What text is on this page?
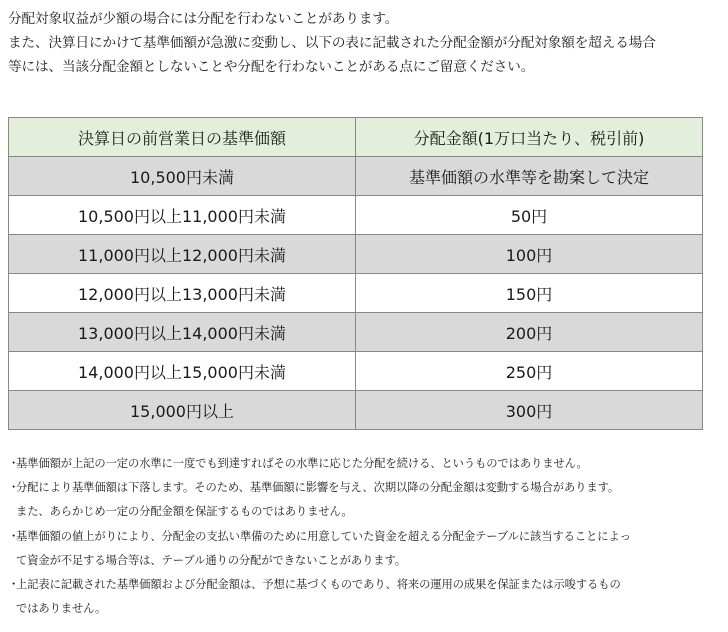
分配対象収益が少額の場合には分配を行わないことがあります。

また、決算日にかけて基準価額が急激に変動し、以下の表に記載された分配金額が分配対象額を超える場合

等には、当該分配金額としないことや分配を行わないことがある点にご留意ください。

決算日の前営業日の基準価額	分配金額(1万口当たり、税引前)
10,500円未満	基準価額の水準等を勘案して決定
10,500円以上11,000円未満	50円
11,000円以上12,000円未満	100円
12,000円以上13,000円未満	150円
13,000円以上14,000円未満	200円
14,000円以上15,000円未満	250円
15,000円以上	300円
・基準価額が上記の一定の水準に一度でも到達すればその水準に応じた分配を続ける、というものではありません。
・分配により基準価額は下落します。そのため、基準価額に影響を与え、次期以降の分配金額は変動する場合があります。
また、あらかじめ一定の分配金額を保証するものではありません。
・基準価額の値上がりにより、分配金の支払い準備のために用意していた資金を超える分配金テーブルに該当することによっ
て資金が不足する場合等は、テーブル通りの分配ができないことがあります。
・上記表に記載された基準価額および分配金額は、予想に基づくものであり、将来の運用の成果を保証または示唆するもの
ではありません。
